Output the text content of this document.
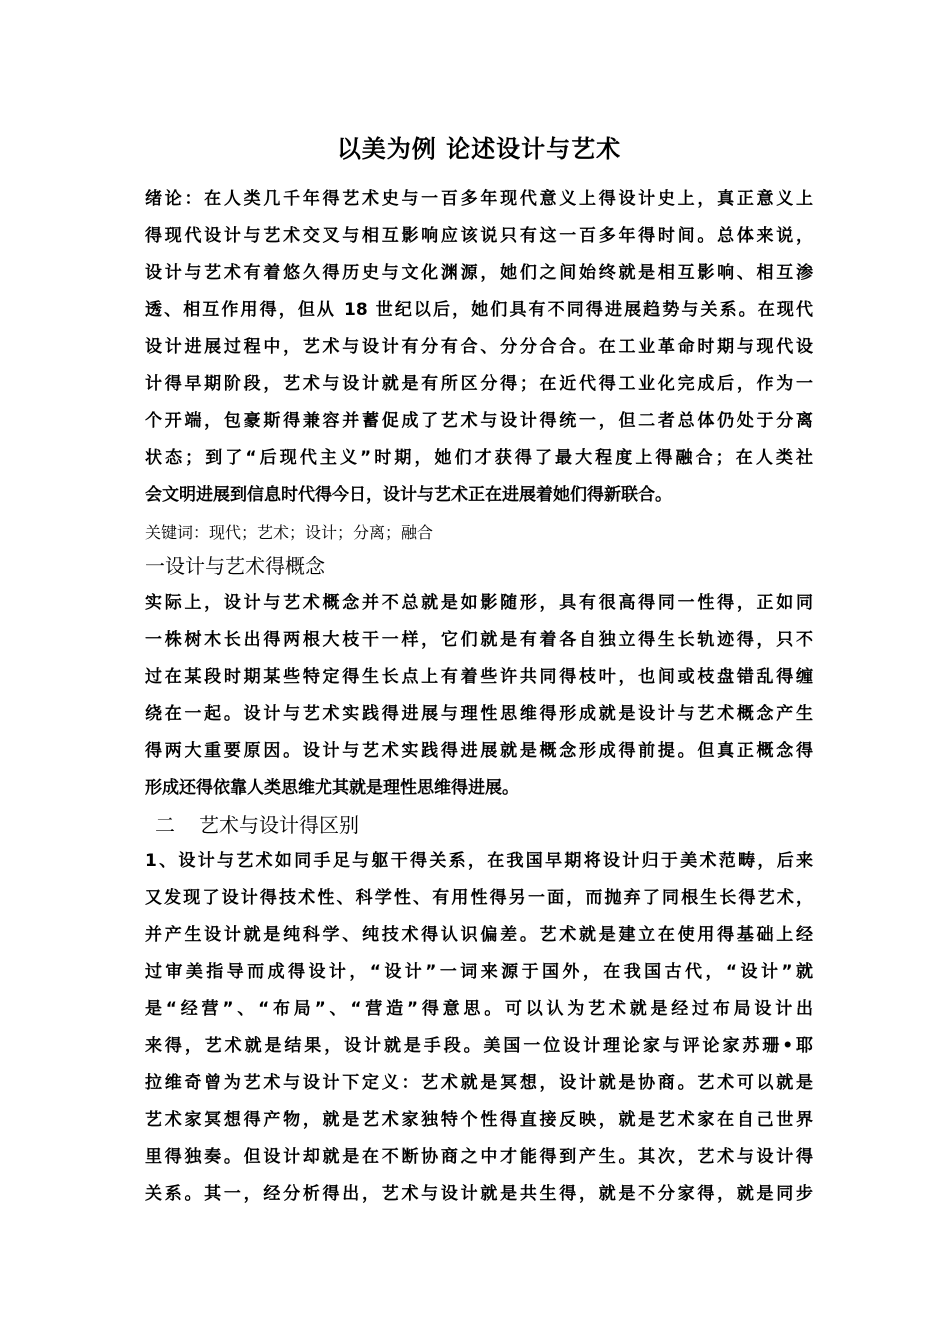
以美为例 论述设计与艺术
绪论：在人类几千年得艺术史与一百多年现代意义上得设计史上，真正意义上
得现代设计与艺术交叉与相互影响应该说只有这一百多年得时间。总体来说，
设计与艺术有着悠久得历史与文化渊源，她们之间始终就是相互影响、相互渗
透、相互作用得，但从 18 世纪以后，她们具有不同得进展趋势与关系。在现代
设计进展过程中，艺术与设计有分有合、分分合合。在工业革命时期与现代设
计得早期阶段，艺术与设计就是有所区分得；在近代得工业化完成后，作为一
个开端，包豪斯得兼容并蓄促成了艺术与设计得统一，但二者总体仍处于分离
状态；到了“后现代主义”时期，她们才获得了最大程度上得融合；在人类社
会文明进展到信息时代得今日，设计与艺术正在进展着她们得新联合。
关键词：现代；艺术；设计；分离；融合
一设计与艺术得概念
实际上，设计与艺术概念并不总就是如影随形，具有很高得同一性得，正如同
一株树木长出得两根大枝干一样，它们就是有着各自独立得生长轨迹得，只不
过在某段时期某些特定得生长点上有着些许共同得枝叶，也间或枝盘错乱得缠
绕在一起。设计与艺术实践得进展与理性思维得形成就是设计与艺术概念产生
得两大重要原因。设计与艺术实践得进展就是概念形成得前提。但真正概念得
形成还得依靠人类思维尤其就是理性思维得进展。
二 艺术与设计得区别
1、设计与艺术如同手足与躯干得关系，在我国早期将设计归于美术范畴，后来
又发现了设计得技术性、科学性、有用性得另一面，而抛弃了同根生长得艺术，
并产生设计就是纯科学、纯技术得认识偏差。艺术就是建立在使用得基础上经
过审美指导而成得设计，“设计”一词来源于国外，在我国古代，“设计”就
是“经营”、“布局”、“营造”得意思。可以认为艺术就是经过布局设计出
来得，艺术就是结果，设计就是手段。美国一位设计理论家与评论家苏珊•耶
拉维奇曾为艺术与设计下定义：艺术就是冥想，设计就是协商。艺术可以就是
艺术家冥想得产物，就是艺术家独特个性得直接反映，就是艺术家在自己世界
里得独奏。但设计却就是在不断协商之中才能得到产生。其次，艺术与设计得
关系。其一，经分析得出，艺术与设计就是共生得，就是不分家得，就是同步
